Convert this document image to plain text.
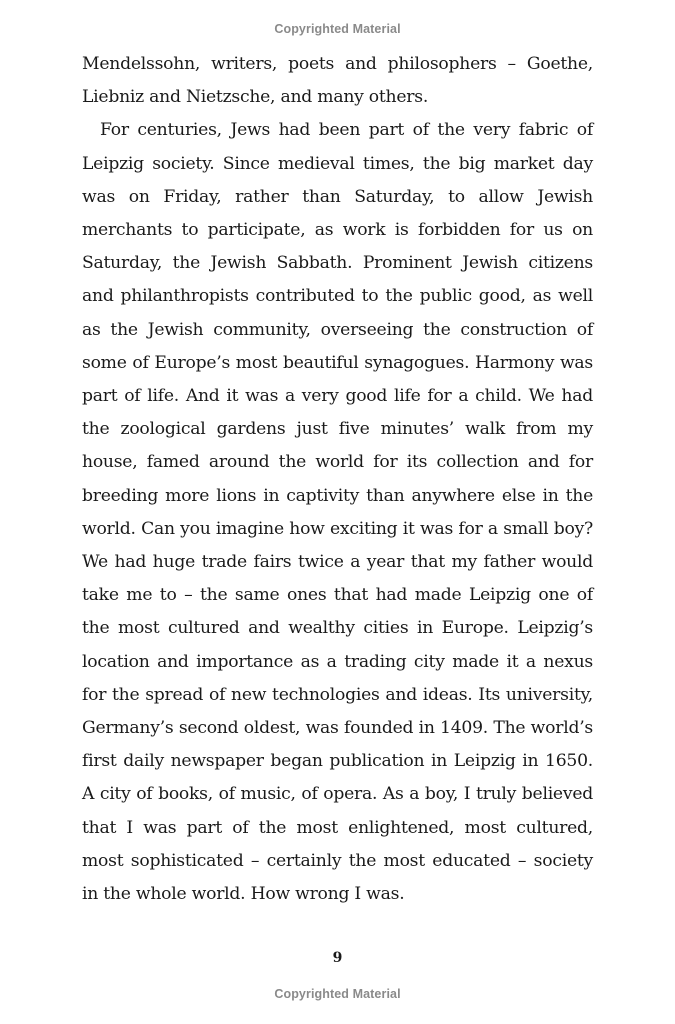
Copyrighted Material

Mendelssohn, writers, poets and philosophers – Goethe, Liebniz and Nietzsche, and many others.

For centuries, Jews had been part of the very fabric of Leipzig society. Since medieval times, the big market day was on Friday, rather than Saturday, to allow Jewish merchants to participate, as work is forbidden for us on Saturday, the Jewish Sabbath. Prominent Jewish citizens and philanthropists contributed to the public good, as well as the Jewish community, overseeing the construction of some of Europe’s most beautiful synagogues. Harmony was part of life. And it was a very good life for a child. We had the zoological gardens just five minutes’ walk from my house, famed around the world for its collection and for breeding more lions in captivity than anywhere else in the world. Can you imagine how exciting it was for a small boy? We had huge trade fairs twice a year that my father would take me to – the same ones that had made Leipzig one of the most cultured and wealthy cities in Europe. Leipzig’s location and importance as a trading city made it a nexus for the spread of new technologies and ideas. Its university, Germany’s second oldest, was founded in 1409. The world’s first daily newspaper began publication in Leipzig in 1650. A city of books, of music, of opera. As a boy, I truly believed that I was part of the most enlightened, most cultured, most sophisticated – certainly the most educated – society in the whole world. How wrong I was.

9
Copyrighted Material
